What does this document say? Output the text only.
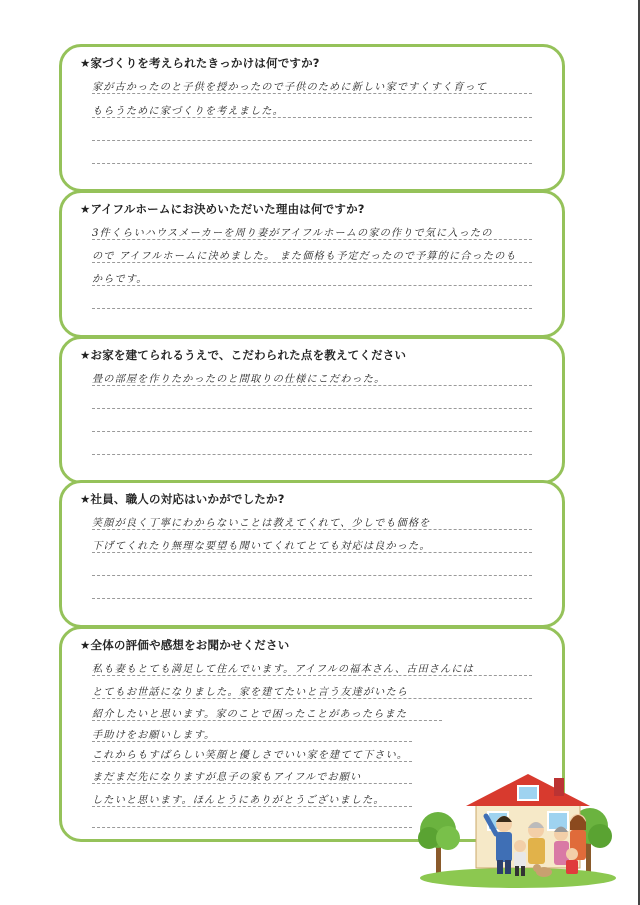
★家づくりを考えられたきっかけは何ですか?
家が古かったのと子供を授かったので子供のために新しい家ですくすく育って
もらうために家づくりを考えました。
★アイフルホームにお決めいただいた理由は何ですか?
3件くらいハウスメーカーを周り妻がアイフルホームの家の作りで気に入ったの
ので アイフルホームに決めました。 また価格も予定だったので予算的に合ったのも
からです。
★お家を建てられるうえで、こだわられた点を教えてください
畳の部屋を作りたかったのと間取りの仕様にこだわった。
★社員、職人の対応はいかがでしたか?
笑顔が良く丁寧にわからないことは教えてくれて、少しでも価格を
下げてくれたり無理な要望も聞いてくれてとても対応は良かった。
★全体の評価や感想をお聞かせください
私も妻もとても満足して住んでいます。アイフルの福本さん、古田さんには
とてもお世話になりました。家を建てたいと言う友達がいたら
紹介したいと思います。家のことで困ったことがあったらまた
手助けをお願いします。
これからもすばらしい笑顔と優しさでいい家を建てて下さい。
まだまだ先になりますが息子の家もアイフルでお願い
したいと思います。ほんとうにありがとうございました。
